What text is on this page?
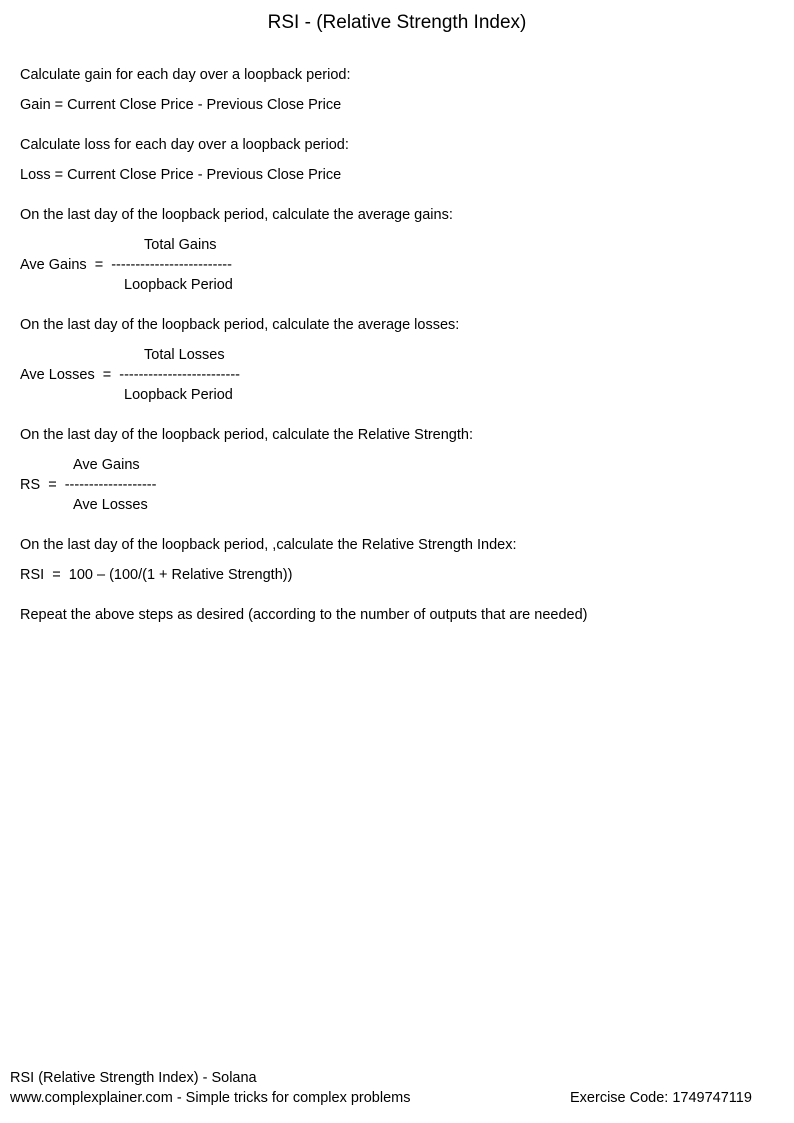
RSI - (Relative Strength Index)
Calculate gain for each day over a loopback period:
Gain = Current Close Price - Previous Close Price
Calculate loss for each day over a loopback period:
Loss = Current Close Price - Previous Close Price
On the last day of the loopback period, calculate the average gains:
Total Gains
Ave Gains  =  -------------------------
Loopback Period
On the last day of the loopback period, calculate the average losses:
Total Losses
Ave Losses  =  -------------------------
Loopback Period
On the last day of the loopback period, calculate the Relative Strength:
Ave Gains
RS  =  -------------------
Ave Losses
On the last day of the loopback period, ,calculate the Relative Strength Index:
RSI  =  100 – (100/(1 + Relative Strength))
Repeat the above steps as desired (according to the number of outputs that are needed)
RSI (Relative Strength Index) - Solana
www.complexplainer.com - Simple tricks for complex problems	Exercise Code: 1749747119
